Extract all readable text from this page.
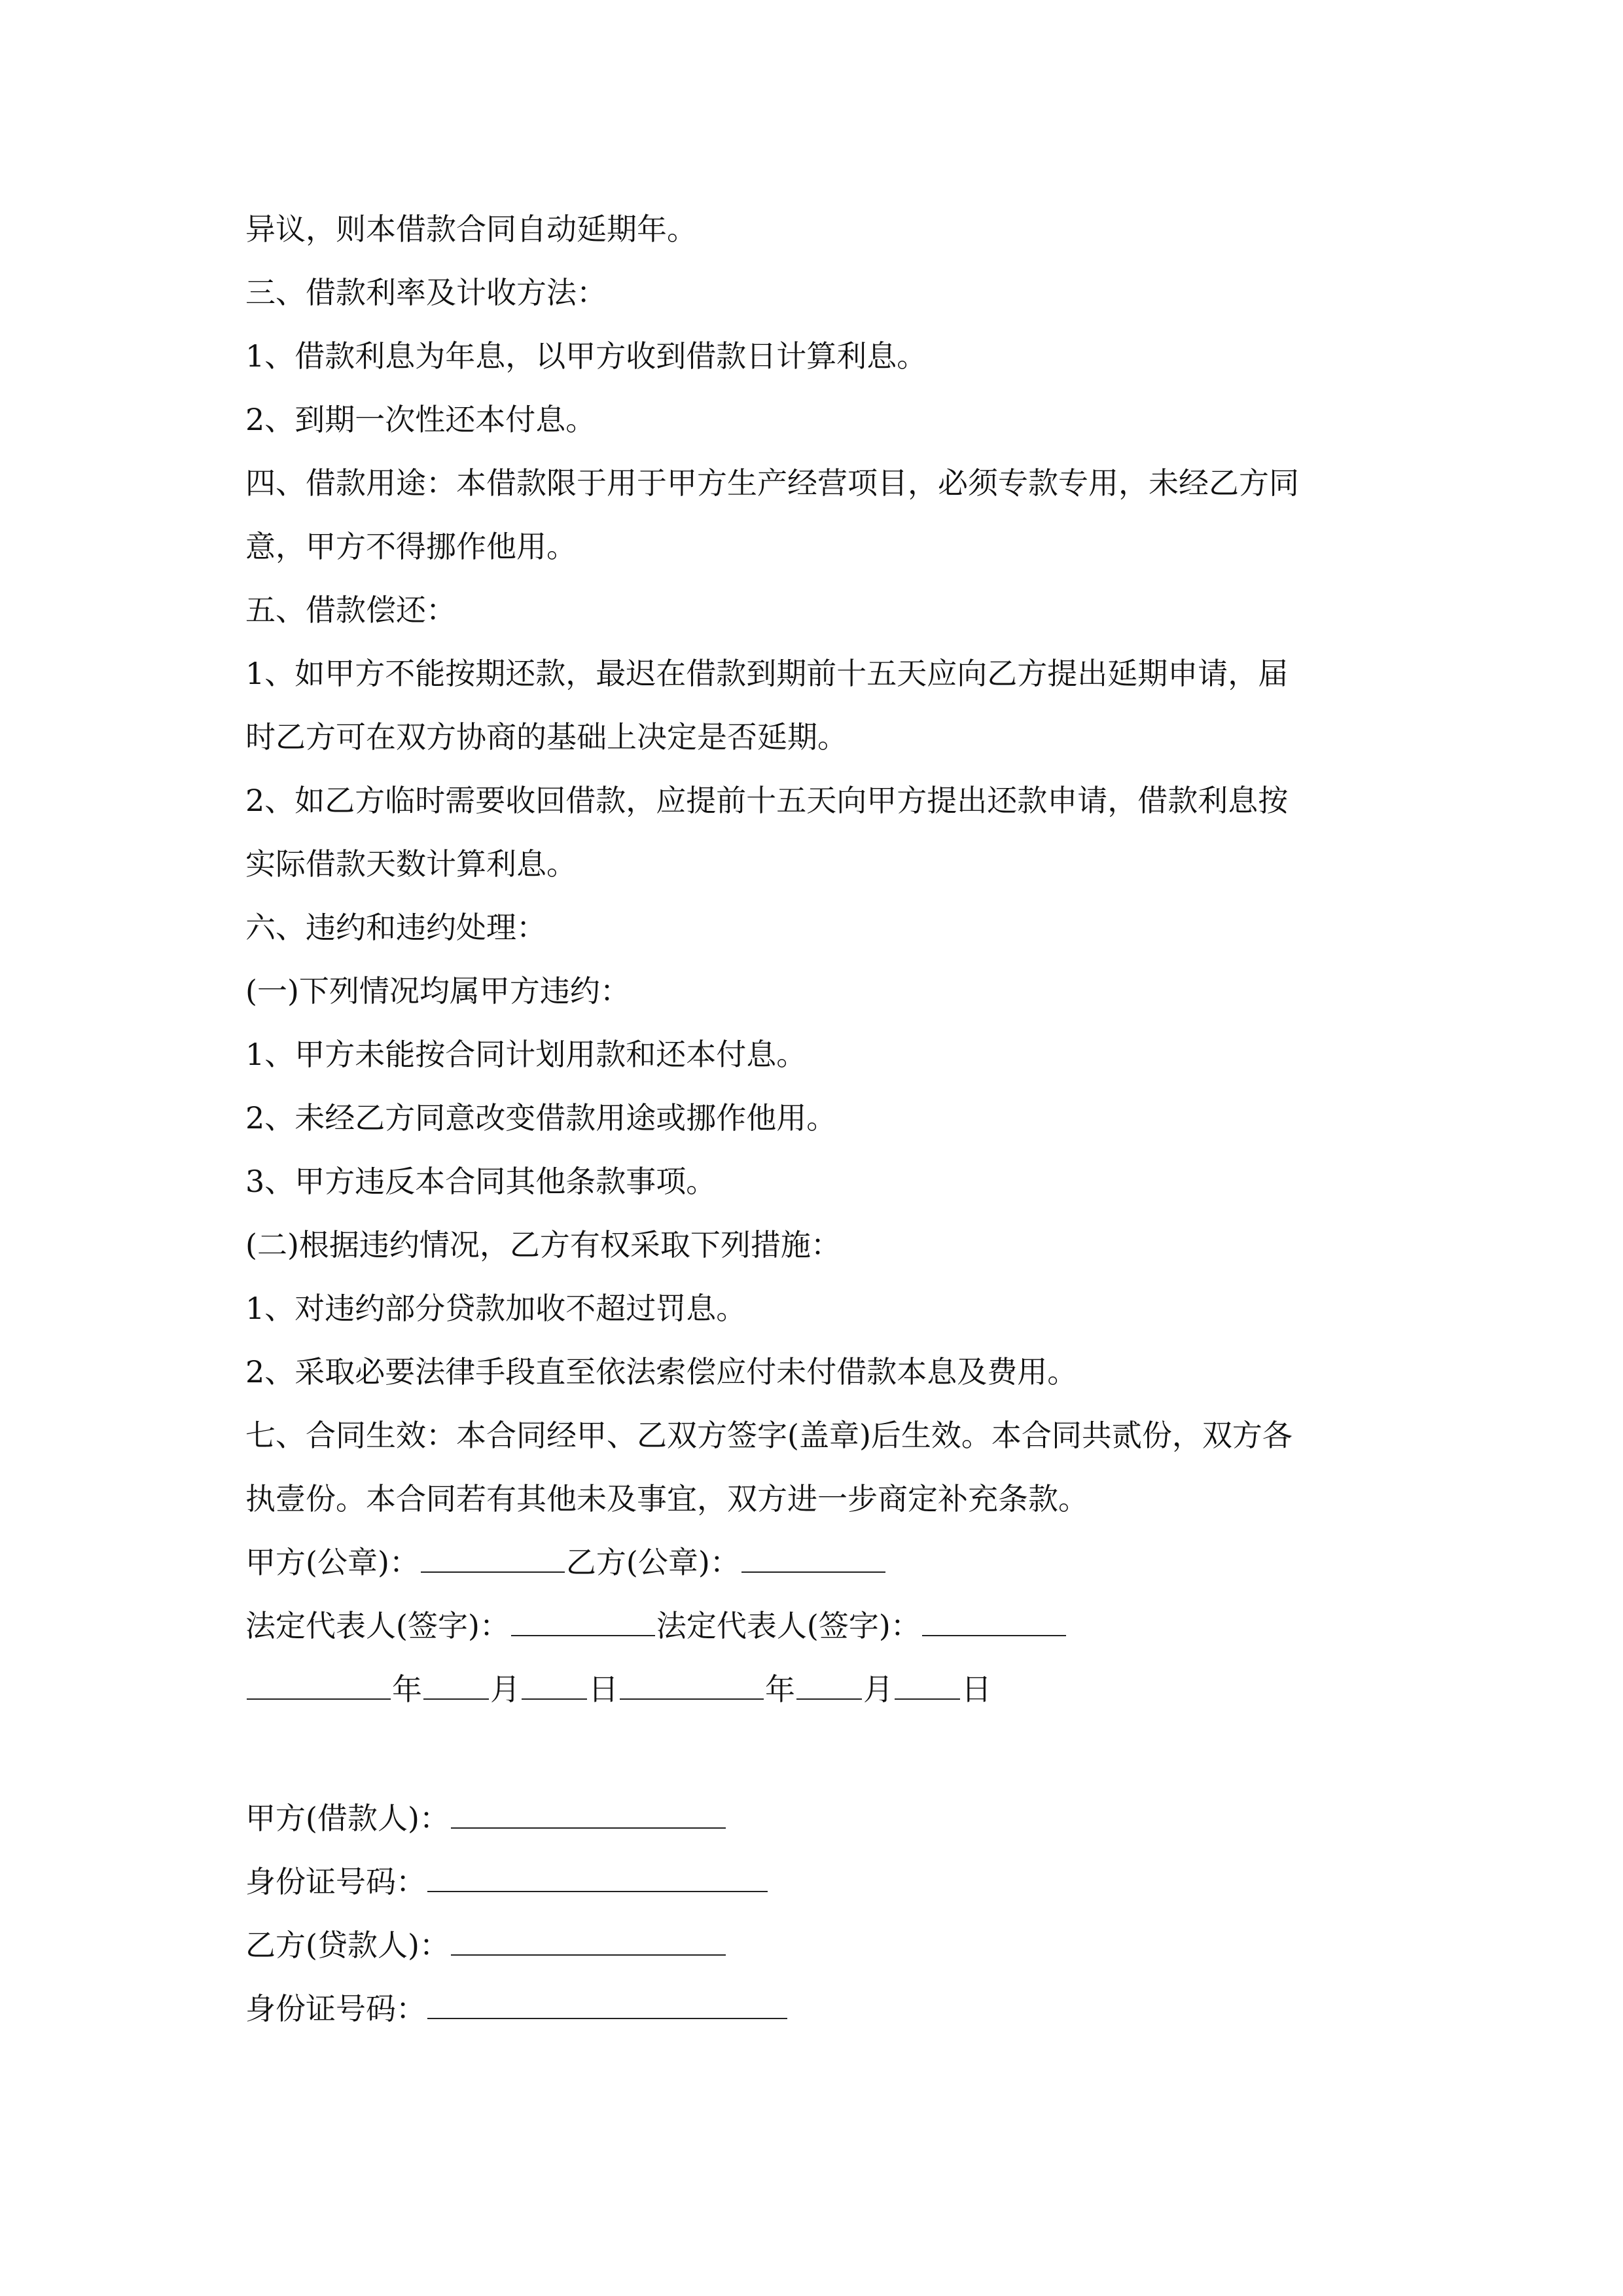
异议，则本借款合同自动延期年。
三、借款利率及计收方法：
1、借款利息为年息，以甲方收到借款日计算利息。
2、到期一次性还本付息。
四、借款用途：本借款限于用于甲方生产经营项目，必须专款专用，未经乙方同
意，甲方不得挪作他用。
五、借款偿还：
1、如甲方不能按期还款，最迟在借款到期前十五天应向乙方提出延期申请，届
时乙方可在双方协商的基础上决定是否延期。
2、如乙方临时需要收回借款，应提前十五天向甲方提出还款申请，借款利息按
实际借款天数计算利息。
六、违约和违约处理：
(一)下列情况均属甲方违约：
1、甲方未能按合同计划用款和还本付息。
2、未经乙方同意改变借款用途或挪作他用。
3、甲方违反本合同其他条款事项。
(二)根据违约情况，乙方有权采取下列措施：
1、对违约部分贷款加收不超过罚息。
2、采取必要法律手段直至依法索偿应付未付借款本息及费用。
七、合同生效：本合同经甲、乙双方签字(盖章)后生效。本合同共贰份，双方各
执壹份。本合同若有其他未及事宜，双方进一步商定补充条款。
甲方(公章)：	乙方(公章)：
法定代表人(签字)：	法定代表人(签字)：
年 月 日	年 月 日
甲方(借款人)：
身份证号码：
乙方(贷款人)：
身份证号码：
